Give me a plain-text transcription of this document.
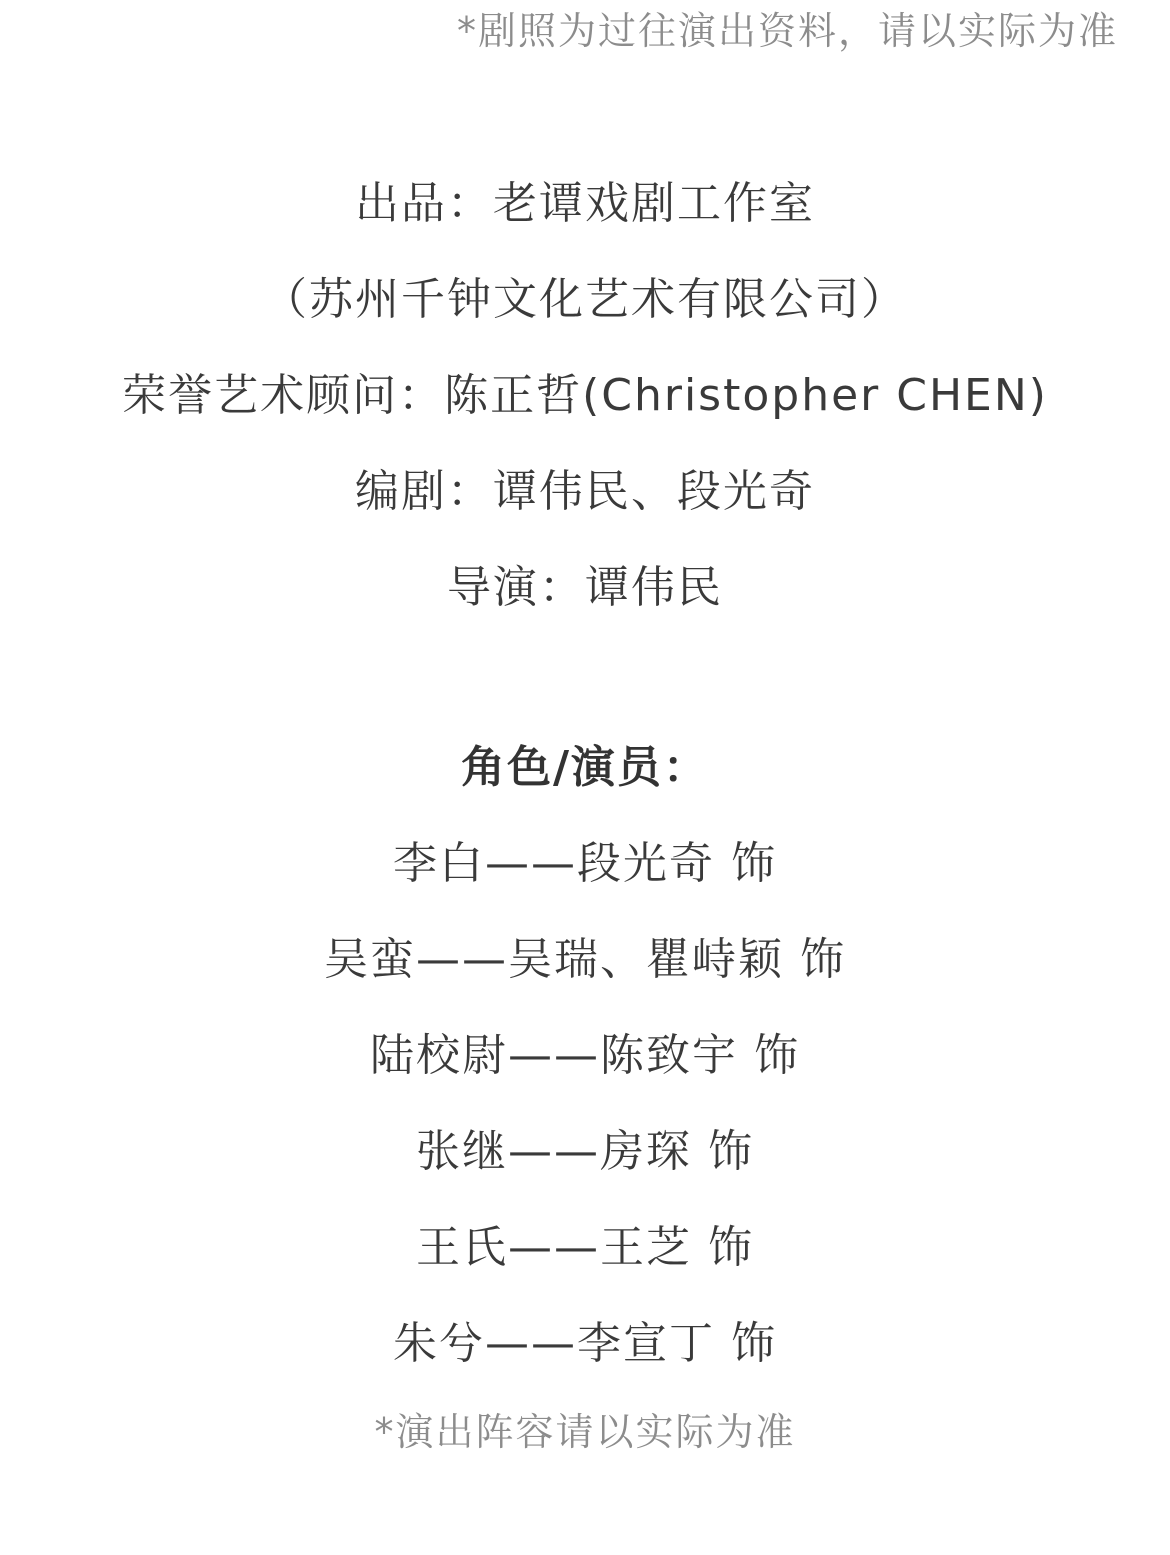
*剧照为过往演出资料，请以实际为准
出品：老谭戏剧工作室
（苏州千钟文化艺术有限公司）
荣誉艺术顾问：陈正哲(Christopher CHEN)
编剧：谭伟民、段光奇
导演：谭伟民
角色/演员：
李白——段光奇 饰
吴蛮——吴瑞、瞿峙颖 饰
陆校尉——陈致宇 饰
张继——房琛 饰
王氏——王芝 饰
朱兮——李宣丁 饰
*演出阵容请以实际为准
